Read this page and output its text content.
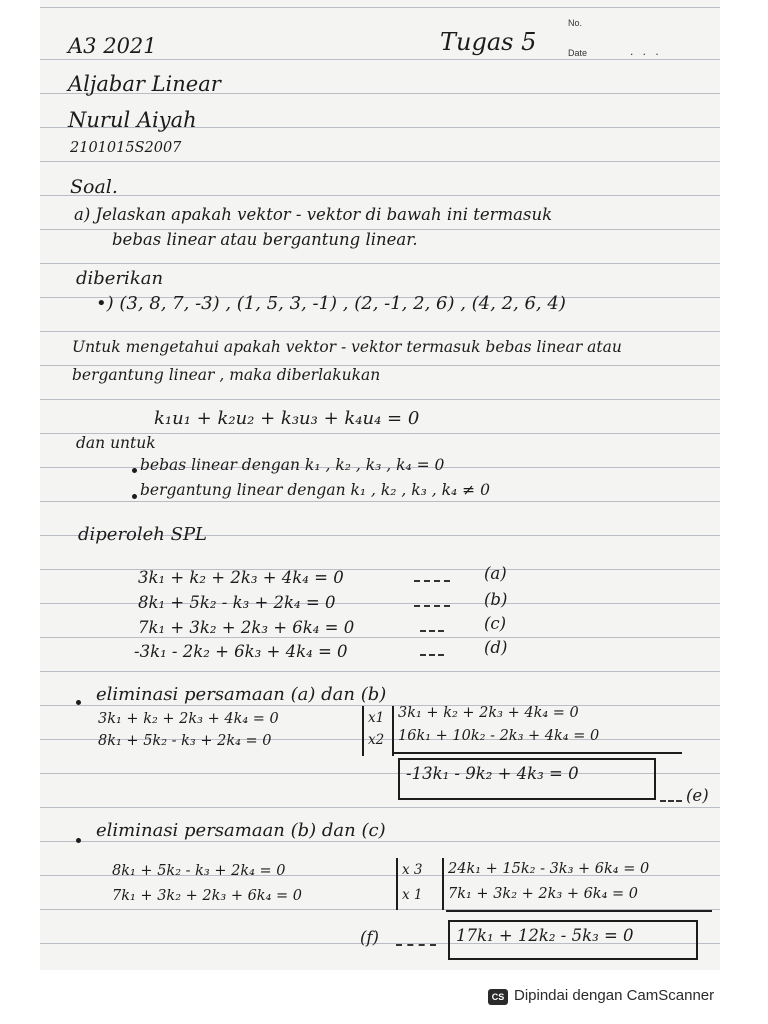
No.
Date	. . .
A3 2021	Tugas 5
Aljabar Linear
Nurul Aiyah
2101015S2007
Soal.
a) Jelaskan apakah vektor - vektor di bawah ini termasuk
bebas linear atau bergantung linear.
diberikan
•) (3, 8, 7, -3) , (1, 5, 3, -1) , (2, -1, 2, 6) , (4, 2, 6, 4)
Untuk mengetahui apakah vektor - vektor termasuk bebas linear atau
bergantung linear , maka diberlakukan
k₁u₁ + k₂u₂ + k₃u₃ + k₄u₄ = 0
dan untuk
bebas linear dengan k₁ , k₂ , k₃ , k₄ = 0
bergantung linear dengan k₁ , k₂ , k₃ , k₄ ≠ 0
diperoleh SPL
3k₁ + k₂ + 2k₃ + 4k₄ = 0	(a)
8k₁ + 5k₂ - k₃ + 2k₄ = 0	(b)
7k₁ + 3k₂ + 2k₃ + 6k₄ = 0	(c)
-3k₁ - 2k₂ + 6k₃ + 4k₄ = 0	(d)
eliminasi persamaan (a) dan (b)
3k₁ + k₂ + 2k₃ + 4k₄ = 0
8k₁ + 5k₂ - k₃ + 2k₄ = 0
x1
x2
3k₁ + k₂ + 2k₃ + 4k₄ = 0
16k₁ + 10k₂ - 2k₃ + 4k₄ = 0
-13k₁ - 9k₂ + 4k₃ = 0
(e)
eliminasi persamaan (b) dan (c)
8k₁ + 5k₂ - k₃ + 2k₄ = 0
7k₁ + 3k₂ + 2k₃ + 6k₄ = 0
x 3
x 1
24k₁ + 15k₂ - 3k₃ + 6k₄ = 0
7k₁ + 3k₂ + 2k₃ + 6k₄ = 0
(f)	17k₁ + 12k₂ - 5k₃ = 0
CS Dipindai dengan CamScanner
